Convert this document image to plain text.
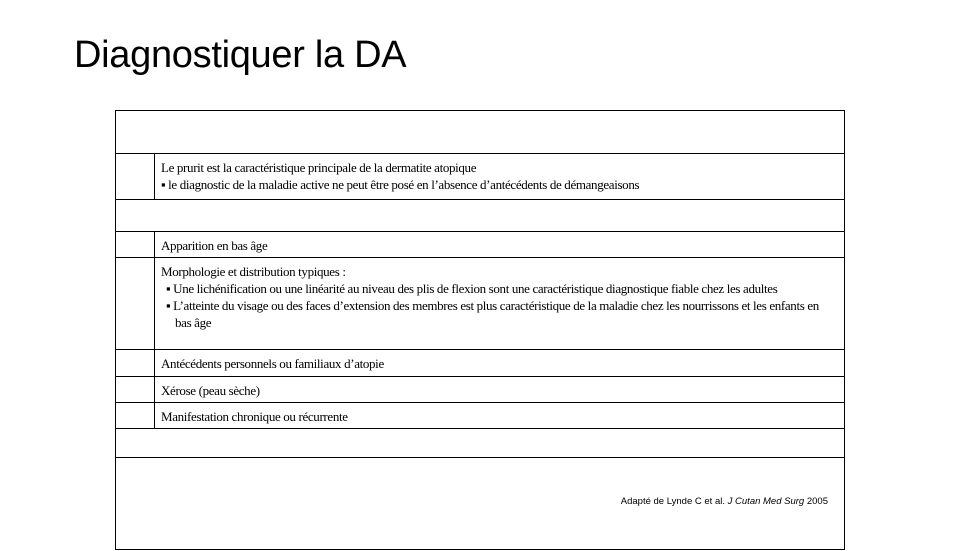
Diagnostiquer la DA
Le prurit est la caractéristique principale de la dermatite atopique
▪ le diagnostic de la maladie active ne peut être posé en l’absence d’antécédents de démangeaisons
Apparition en bas âge
Morphologie et distribution typiques :
▪ Une lichénification ou une linéarité au niveau des plis de flexion sont une caractéristique diagnostique fiable chez les adultes
▪ L’atteinte du visage ou des faces d’extension des membres est plus caractéristique de la maladie chez les nourrissons et les enfants en bas âge
Antécédents personnels ou familiaux d’atopie
Xérose (peau sèche)
Manifestation chronique ou récurrente
Adapté de Lynde C et al. J Cutan Med Surg 2005
